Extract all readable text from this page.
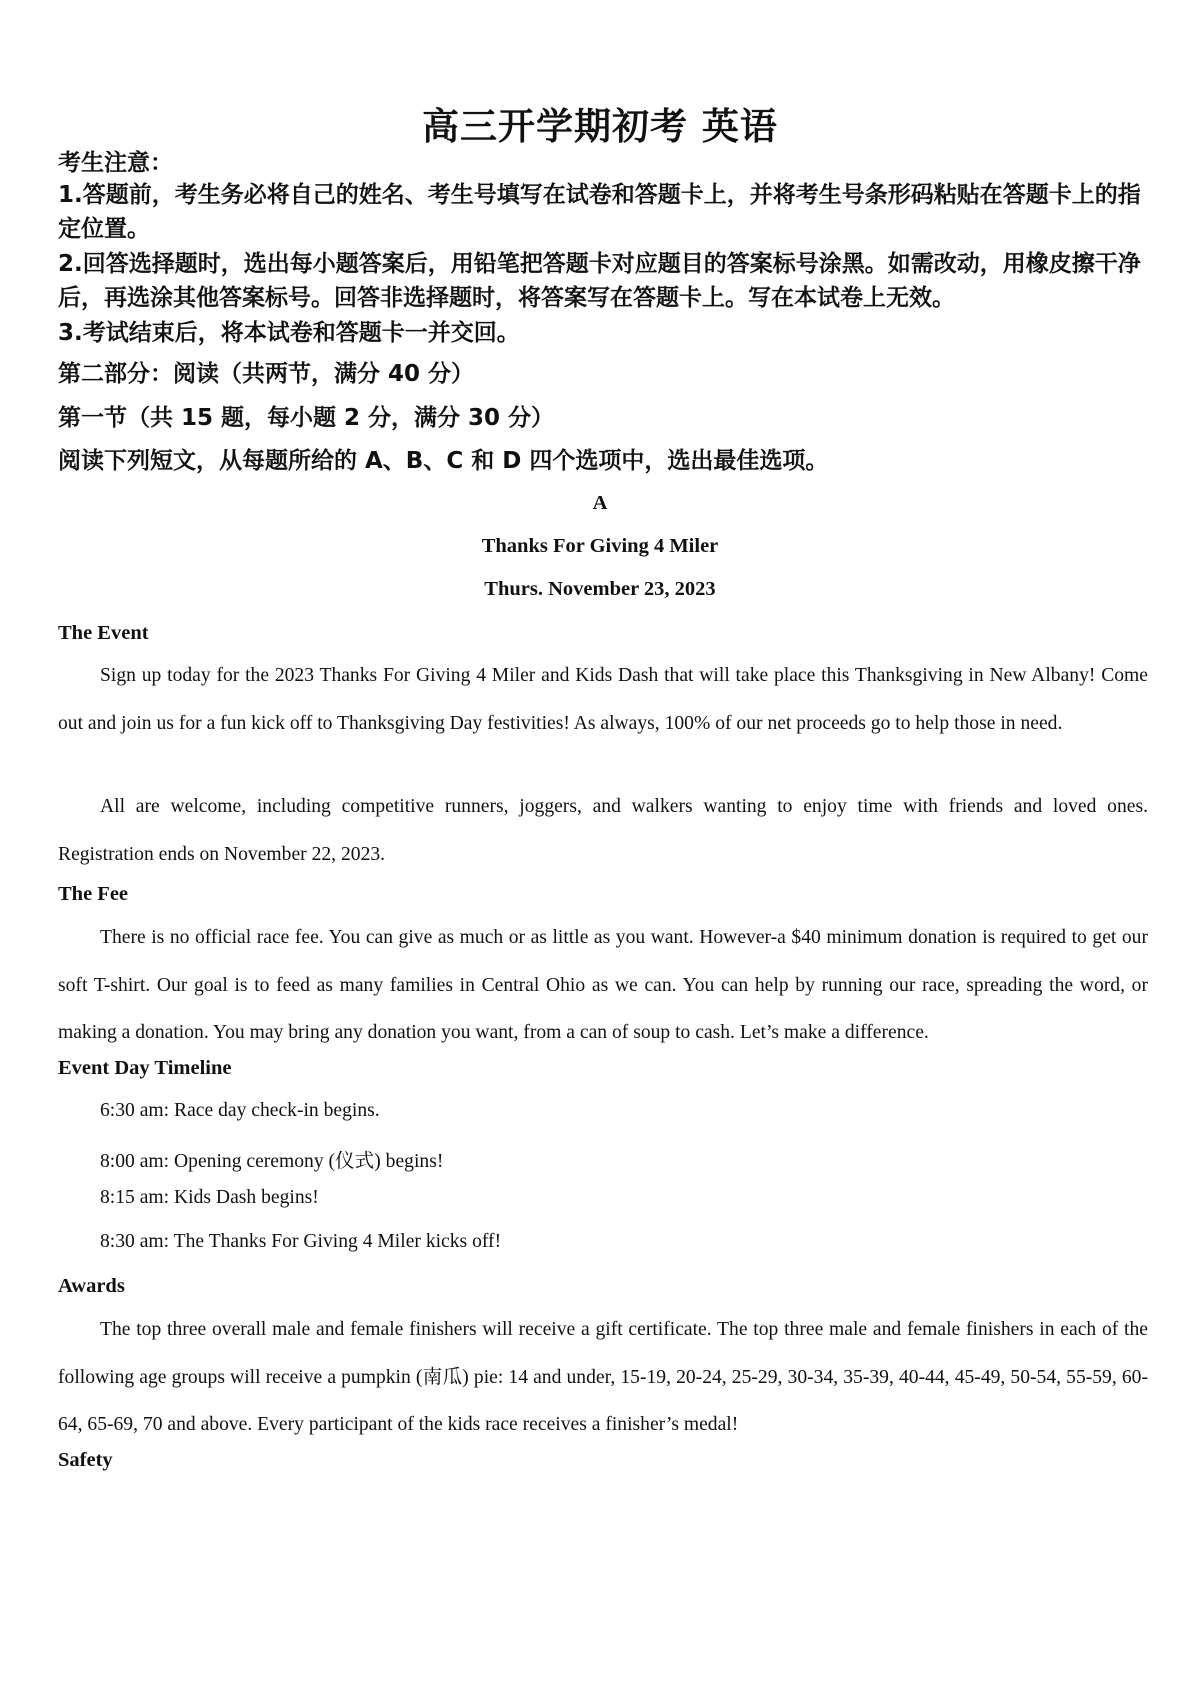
高三开学期初考 英语
考生注意：
1.答题前，考生务必将自己的姓名、考生号填写在试卷和答题卡上，并将考生号条形码粘贴在答题卡上的指定位置。
2.回答选择题时，选出每小题答案后，用铅笔把答题卡对应题目的答案标号涂黑。如需改动，用橡皮擦干净后，再选涂其他答案标号。回答非选择题时，将答案写在答题卡上。写在本试卷上无效。
3.考试结束后，将本试卷和答题卡一并交回。
第二部分：阅读（共两节，满分 40 分）
第一节（共 15 题，每小题 2 分，满分 30 分）
阅读下列短文，从每题所给的 A、B、C 和 D 四个选项中，选出最佳选项。
A
Thanks For Giving 4 Miler
Thurs. November 23, 2023
The Event
Sign up today for the 2023 Thanks For Giving 4 Miler and Kids Dash that will take place this Thanksgiving in New Albany! Come out and join us for a fun kick off to Thanksgiving Day festivities! As always, 100% of our net proceeds go to help those in need.
All are welcome, including competitive runners, joggers, and walkers wanting to enjoy time with friends and loved ones. Registration ends on November 22, 2023.
The Fee
There is no official race fee. You can give as much or as little as you want. However-a $40 minimum donation is required to get our soft T-shirt. Our goal is to feed as many families in Central Ohio as we can. You can help by running our race, spreading the word, or making a donation. You may bring any donation you want, from a can of soup to cash. Let’s make a difference.
Event Day Timeline
6:30 am: Race day check-in begins.
8:00 am: Opening ceremony (仪式) begins!
8:15 am: Kids Dash begins!
8:30 am: The Thanks For Giving 4 Miler kicks off!
Awards
The top three overall male and female finishers will receive a gift certificate. The top three male and female finishers in each of the following age groups will receive a pumpkin (南瓜) pie: 14 and under, 15-19, 20-24, 25-29, 30-34, 35-39, 40-44, 45-49, 50-54, 55-59, 60-64, 65-69, 70 and above. Every participant of the kids race receives a finisher’s medal!
Safety
